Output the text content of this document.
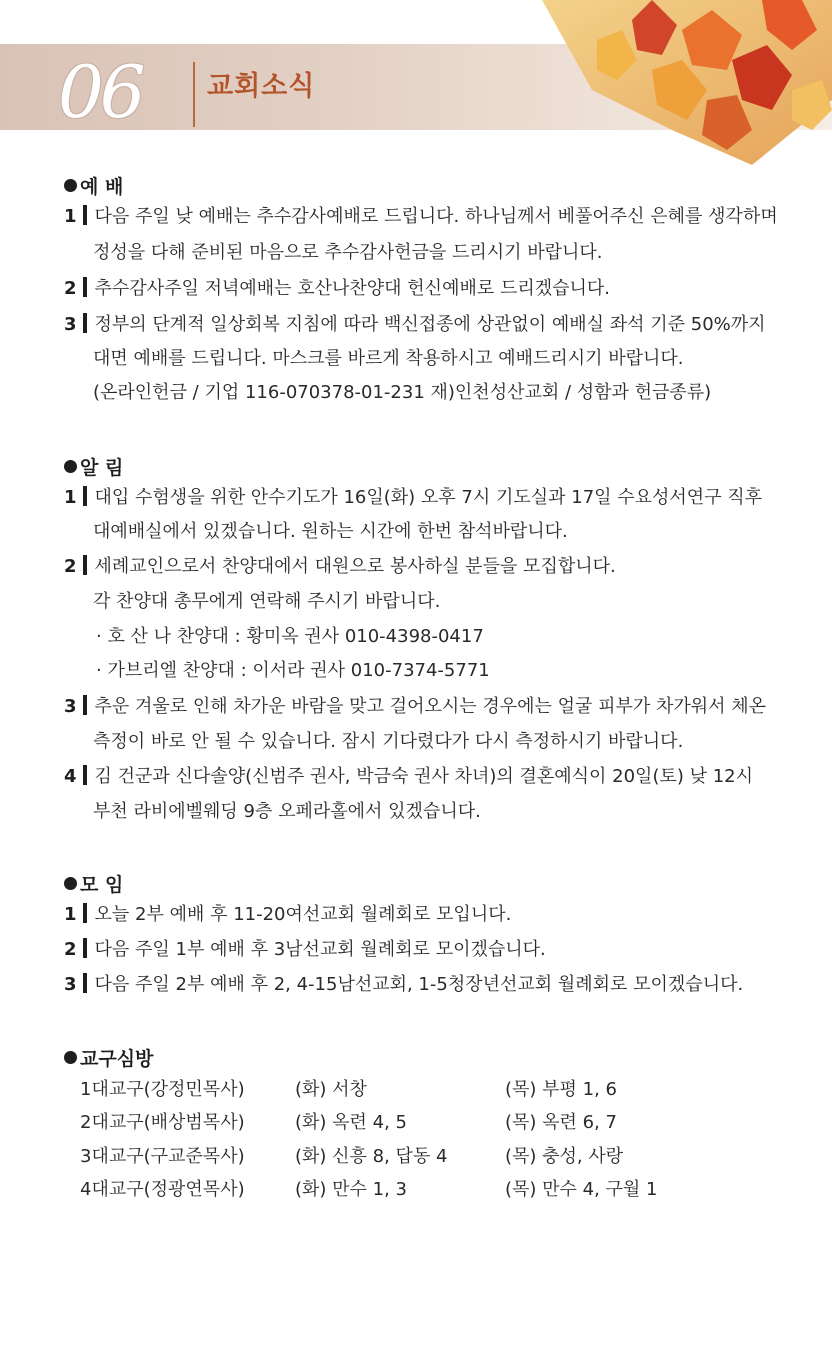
06 교회소식
예 배
1 다음 주일 낮 예배는 추수감사예배로 드립니다. 하나님께서 베풀어주신 은혜를 생각하며
정성을 다해 준비된 마음으로 추수감사헌금을 드리시기 바랍니다.
2 추수감사주일 저녁예배는 호산나찬양대 헌신예배로 드리겠습니다.
3 정부의 단계적 일상회복 지침에 따라 백신접종에 상관없이 예배실 좌석 기준 50%까지
대면 예배를 드립니다. 마스크를 바르게 착용하시고 예배드리시기 바랍니다.
(온라인헌금 / 기업 116-070378-01-231 재)인천성산교회 / 성함과 헌금종류)
알 림
1 대입 수험생을 위한 안수기도가 16일(화) 오후 7시 기도실과 17일 수요성서연구 직후
대예배실에서 있겠습니다. 원하는 시간에 한번 참석바랍니다.
2 세례교인으로서 찬양대에서 대원으로 봉사하실 분들을 모집합니다.
각 찬양대 총무에게 연락해 주시기 바랍니다.
· 호 산 나 찬양대 : 황미옥 권사 010-4398-0417
· 가브리엘 찬양대 : 이서라 권사 010-7374-5771
3 추운 겨울로 인해 차가운 바람을 맞고 걸어오시는 경우에는 얼굴 피부가 차가워서 체온
측정이 바로 안 될 수 있습니다. 잠시 기다렸다가 다시 측정하시기 바랍니다.
4 김 건군과 신다솔양(신범주 권사, 박금숙 권사 차녀)의 결혼예식이 20일(토) 낮 12시
부천 라비에벨웨딩 9층 오페라홀에서 있겠습니다.
모 임
1 오늘 2부 예배 후 11-20여선교회 월례회로 모입니다.
2 다음 주일 1부 예배 후 3남선교회 월례회로 모이겠습니다.
3 다음 주일 2부 예배 후 2, 4-15남선교회, 1-5청장년선교회 월례회로 모이겠습니다.
교구심방
1대교구(강정민목사)	(화) 서창	(목) 부평 1, 6
2대교구(배상범목사)	(화) 옥련 4, 5	(목) 옥련 6, 7
3대교구(구교준목사)	(화) 신흥 8, 답동 4	(목) 충성, 사랑
4대교구(정광연목사)	(화) 만수 1, 3	(목) 만수 4, 구월 1
